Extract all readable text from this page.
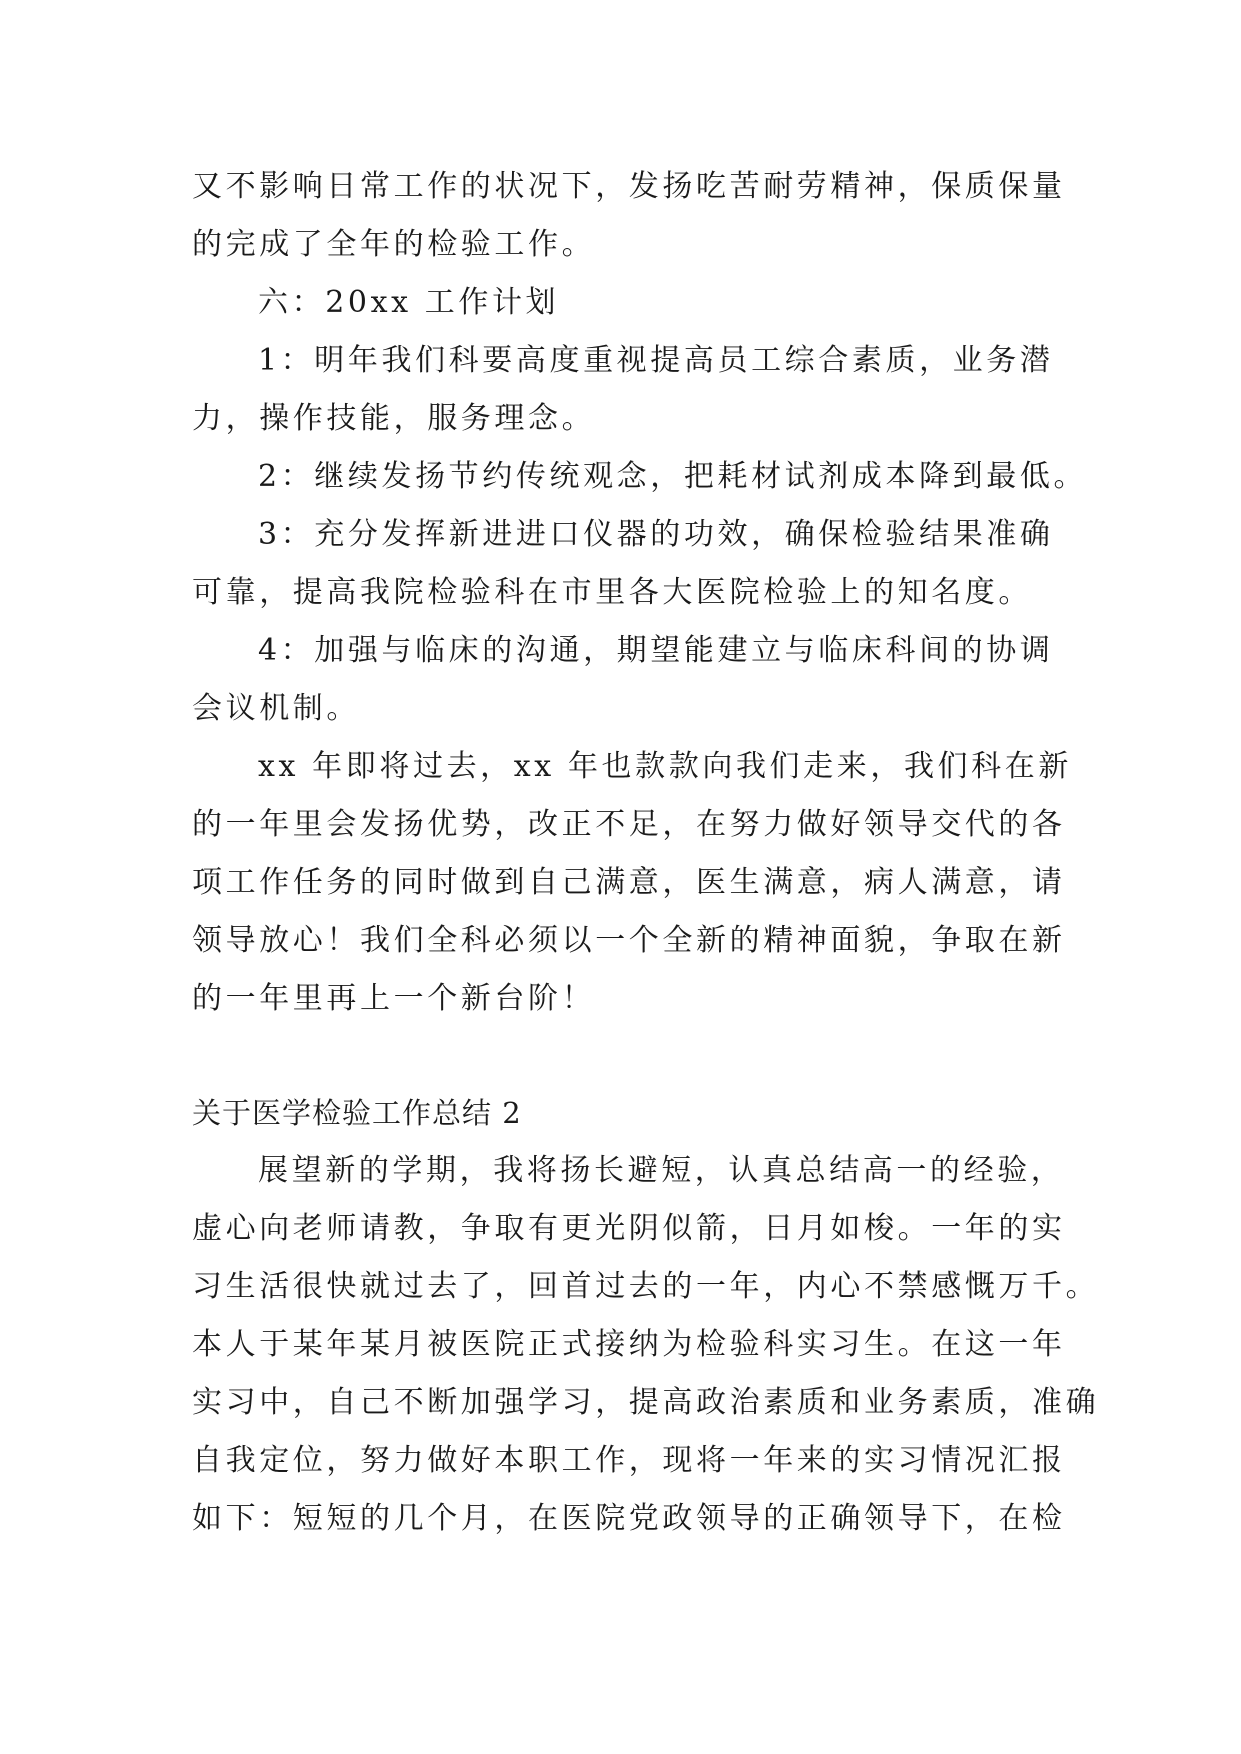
又不影响日常工作的状况下，发扬吃苦耐劳精神，保质保量
的完成了全年的检验工作。
六：20xx 工作计划
1：明年我们科要高度重视提高员工综合素质，业务潜
力，操作技能，服务理念。
2：继续发扬节约传统观念，把耗材试剂成本降到最低。
3：充分发挥新进进口仪器的功效，确保检验结果准确
可靠，提高我院检验科在市里各大医院检验上的知名度。
4：加强与临床的沟通，期望能建立与临床科间的协调
会议机制。
xx 年即将过去，xx 年也款款向我们走来，我们科在新
的一年里会发扬优势，改正不足，在努力做好领导交代的各
项工作任务的同时做到自己满意，医生满意，病人满意，请
领导放心！我们全科必须以一个全新的精神面貌，争取在新
的一年里再上一个新台阶！
关于医学检验工作总结 2
展望新的学期，我将扬长避短，认真总结高一的经验，
虚心向老师请教，争取有更光阴似箭，日月如梭。一年的实
习生活很快就过去了，回首过去的一年，内心不禁感慨万千。
本人于某年某月被医院正式接纳为检验科实习生。在这一年
实习中，自己不断加强学习，提高政治素质和业务素质，准确
自我定位，努力做好本职工作，现将一年来的实习情况汇报
如下：短短的几个月，在医院党政领导的正确领导下，在检
